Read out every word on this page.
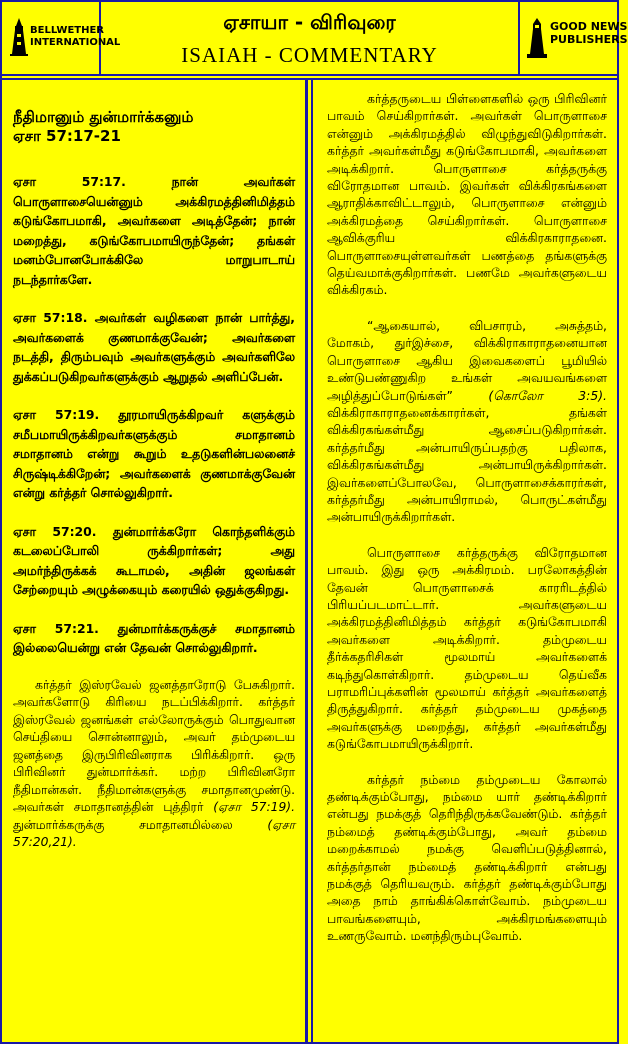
BELLWETHER
INTERNATIONAL
ஏசாயா - விரிவுரை
ISAIAH - COMMENTARY
GOOD NEWS
PUBLISHERS
நீதிமானும் துன்மார்க்கனும்
ஏசா 57:17-21

ஏசா 57:17. நான் அவர்கள் பொருளாசையென்னும் அக்கிரமத்தினிமித்தம் கடுங்கோபமாகி, அவர்களை அடித்தேன்; நான் மறைத்து, கடுங்கோபமாயிருந்தேன்; தங்கள் மனம்போனபோக்கிலே மாறுபாடாய் நடந்தார்களே.

ஏசா 57:18. அவர்கள் வழிகளை நான் பார்த்து, அவர்களைக் குணமாக்குவேன்; அவர்களை நடத்தி, திரும்பவும் அவர்களுக்கும் அவர்களிலே துக்கப்படுகிறவர்களுக்கும் ஆறுதல் அளிப்பேன்.

ஏசா 57:19. தூரமாயிருக்கிறவர் களுக்கும் சமீபமாயிருக்கிறவர்களுக்கும் சமாதானம் சமாதானம் என்று கூறும் உதடுகளின்பலனைச் சிருஷ்டிக்கிறேன்; அவர்களைக் குணமாக்குவேன் என்று கர்த்தர் சொல்லுகிறார்.

ஏசா 57:20. துன்மார்க்கரோ கொந்தளிக்கும் கடலைப்போலி ருக்கிறார்கள்; அது அமர்ந்திருக்கக் கூடாமல், அதின் ஜலங்கள் சேற்றையும் அழுக்கையும் கரையில் ஒதுக்குகிறது.

ஏசா 57:21. துன்மார்க்கருக்குச் சமாதானம் இல்லையென்று என் தேவன் சொல்லுகிறார்.

கர்த்தர் இஸ்ரவேல் ஜனத்தாரோடு பேசுகிறார். அவர்களோடு கிரியை நடப்பிக்கிறார். கர்த்தர் இஸ்ரவேல் ஜனங்கள் எல்லோருக்கும் பொதுவான செய்தியை சொன்னாலும், அவர் தம்முடைய ஜனத்தை இருபிரிவினராக பிரிக்கிறார். ஒரு பிரிவினர் துன்மார்க்கர். மற்ற பிரிவினரோ நீதிமான்கள். நீதிமான்களுக்கு சமாதானமுண்டு. அவர்கள் சமாதானத்தின் புத்திரர் (ஏசா 57:19). துன்மார்க்கருக்கு சமாதானமில்லை	(ஏசா 57:20,21).

கர்த்தருடைய பிள்ளைகளில் ஒரு பிரிவினர் பாவம் செய்கிறார்கள். அவர்கள் பொருளாசை என்னும் அக்கிரமத்தில் விழுந்துவிடுகிறார்கள். கர்த்தர் அவர்கள்மீது கடுங்கோபமாகி, அவர்களை அடிக்கிறார். பொருளாசை கர்த்தருக்கு விரோதமான பாவம். இவர்கள் விக்கிரகங்களை ஆராதிக்காவிட்டாலும், பொருளாசை என்னும் அக்கிரமத்தை செய்கிறார்கள். பொருளாசை ஆவிக்குரிய விக்கிரகாராதனை. பொருளாசையுள்ளவர்கள் பணத்தை தங்களுக்கு தெய்வமாக்குகிறார்கள். பணமே அவர்களுடைய விக்கிரகம்.

“ஆகையால், விபசாரம், அசுத்தம், மோகம், துர்இச்சை, விக்கிராகாராதனையான பொருளாசை ஆகிய இவைகளைப் பூமியில் உண்டுபண்ணுகிற உங்கள் அவயவங்களை அழித்துப்போடுங்கள்”	(கொலோ 3:5). விக்கிராகாராதனைக்காரர்கள், தங்கள் விக்கிரகங்கள்மீது ஆசைப்படுகிறார்கள். கர்த்தர்மீது அன்பாயிருப்பதற்கு பதிலாக, விக்கிரகங்கள்மீது அன்பாயிருக்கிறார்கள். இவர்களைப்போலவே, பொருளாசைக்காரர்கள், கர்த்தர்மீது அன்பாயிராமல், பொருட்கள்மீது அன்பாயிருக்கிறார்கள்.

பொருளாசை கர்த்தருக்கு விரோதமான பாவம். இது ஒரு அக்கிரமம். பரலோகத்தின் தேவன் பொருளாசைக் காரரிடத்தில் பிரியப்படமாட்டார். அவர்களுடைய அக்கிரமத்தினிமித்தம் கர்த்தர் கடுங்கோபமாகி அவர்களை அடிக்கிறார். தம்முடைய தீர்க்கதரிசிகள் மூலமாய் அவர்களைக் கடிந்துகொள்கிறார். தம்முடைய தெய்வீக பராமரிப்புக்களின் மூலமாய் கர்த்தர் அவர்களைத் திருத்துகிறார். கர்த்தர் தம்முடைய முகத்தை அவர்களுக்கு மறைத்து, கர்த்தர் அவர்கள்மீது கடுங்கோபமாயிருக்கிறார்.

கர்த்தர் நம்மை தம்முடைய கோலால் தண்டிக்கும்போது, நம்மை யார் தண்டிக்கிறார் என்பது நமக்குத் தெரிந்திருக்கவேண்டும். கர்த்தர் நம்மைத் தண்டிக்கும்போது, அவர் தம்மை மறைக்காமல் நமக்கு வெளிப்படுத்தினால், கர்த்தர்தான் நம்மைத் தண்டிக்கிறார் என்பது நமக்குத் தெரியவரும். கர்த்தர் தண்டிக்கும்போது அதை நாம் தாங்கிக்கொள்வோம். நம்முடைய பாவங்களையும், அக்கிரமங்களையும் உணருவோம். மனந்திரும்புவோம்.
